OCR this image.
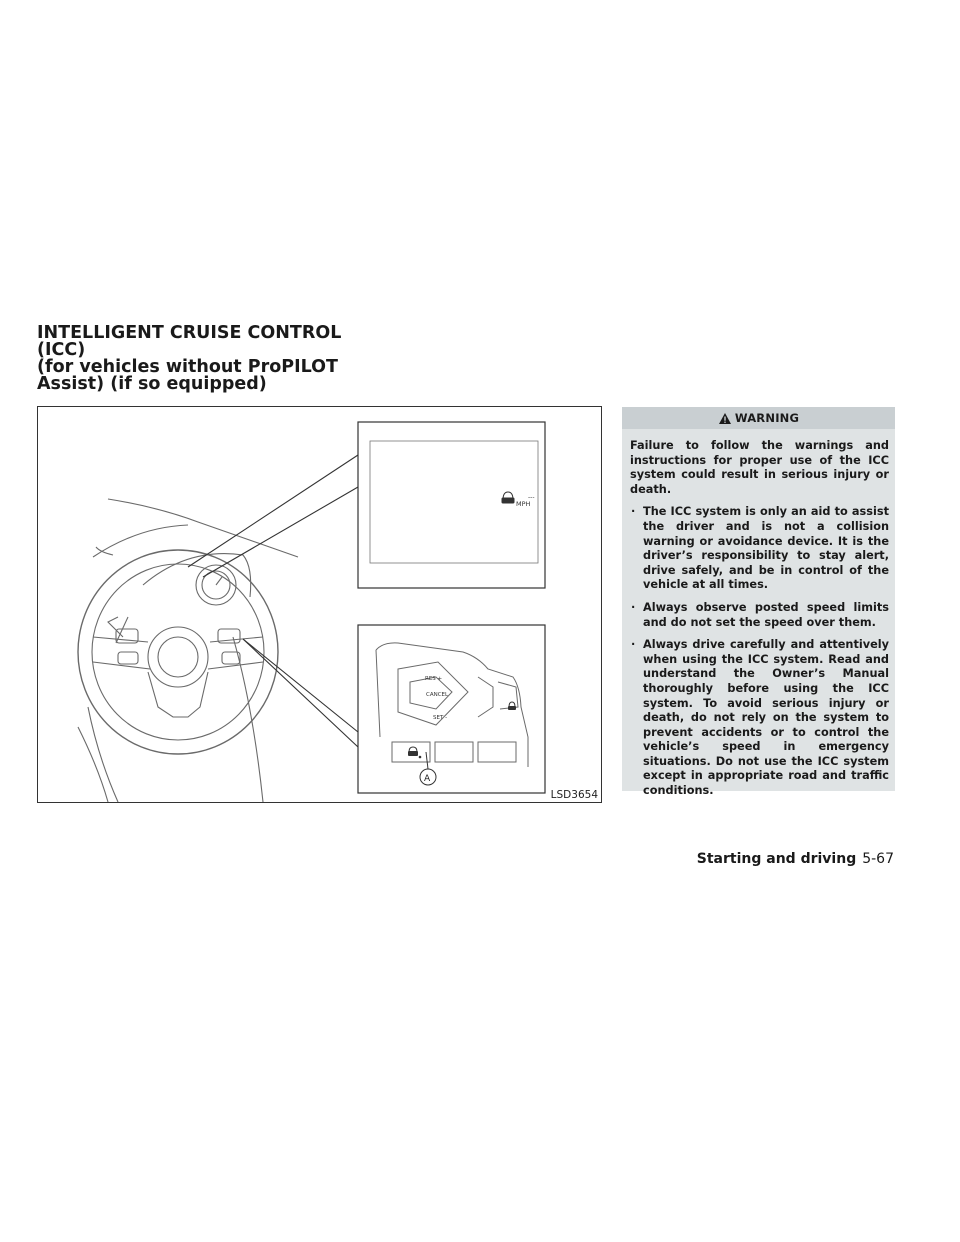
INTELLIGENT CRUISE CONTROL (ICC)
(for vehicles without ProPILOT
Assist) (if so equipped)
---
MPH
RES +
CANCEL
SET -
A
LSD3654
WARNING

Failure to follow the warnings and instructions for proper use of the ICC system could result in serious injury or death.

· The ICC system is only an aid to assist the driver and is not a collision warning or avoidance device. It is the driver’s responsibility to stay alert, drive safely, and be in control of the vehicle at all times.
· Always observe posted speed limits and do not set the speed over them.
· Always drive carefully and attentively when using the ICC system. Read and understand the Owner’s Manual thoroughly before using the ICC system. To avoid serious injury or death, do not rely on the system to prevent accidents or to control the vehicle’s speed in emergency situations. Do not use the ICC system except in appropriate road and traffic conditions.
Starting and driving 5-67
